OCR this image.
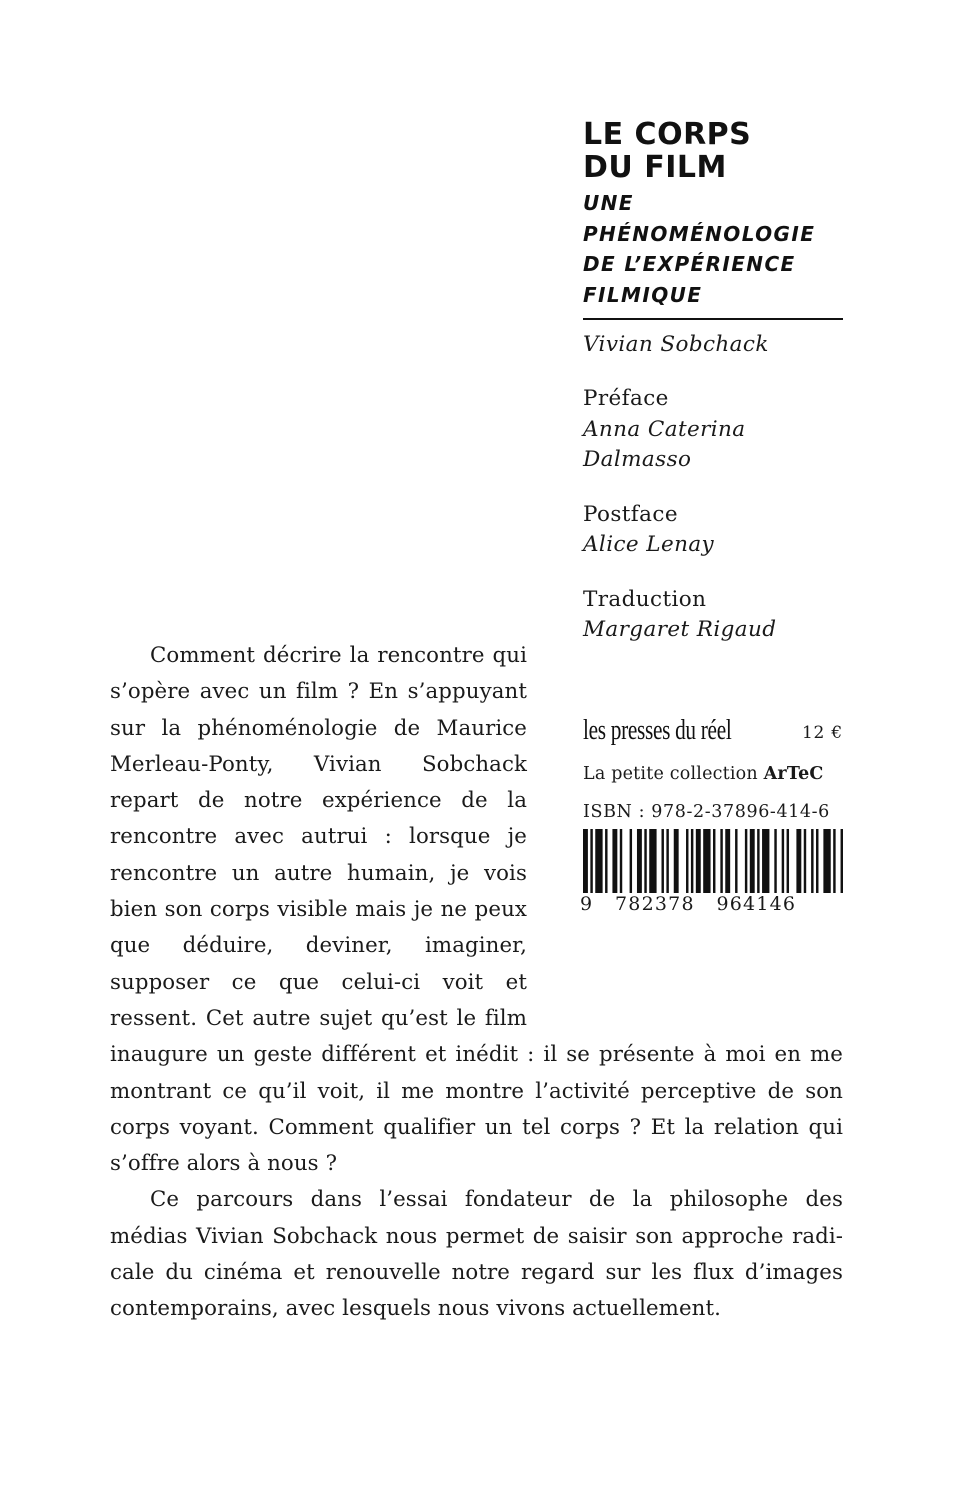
LE CORPS
DU FILM
UNE
PHÉNOMÉNOLOGIE
DE L’EXPÉRIENCE
FILMIQUE
Vivian Sobchack
Préface
Anna Caterina
Dalmasso
Postface
Alice Lenay
Traduction
Margaret Rigaud
les presses du réel	12 €
La petite collection ArTeC
ISBN : 978-2-37896-414-6
9   782378   964146

Comment décrire la rencontre qui s’opère avec un film ? En s’appuyant sur la phénoménologie de Maurice Merleau-Ponty, Vivian Sobchack repart de notre expérience de la rencontre avec autrui : lorsque je rencontre un autre humain, je vois bien son corps visible mais je ne peux que déduire, deviner, imaginer, supposer ce que celui-ci voit et ressent. Cet autre sujet qu’est le film inaugure un geste différent et inédit : il se présente à moi en me montrant ce qu’il voit, il me montre l’activité perceptive de son corps voyant. Comment qualifier un tel corps ? Et la relation qui s’offre alors à nous ?

Ce parcours dans l’essai fondateur de la philosophe des médias Vivian Sobchack nous permet de saisir son approche radicale du cinéma et renouvelle notre regard sur les flux d’images contemporains, avec lesquels nous vivons actuellement.
